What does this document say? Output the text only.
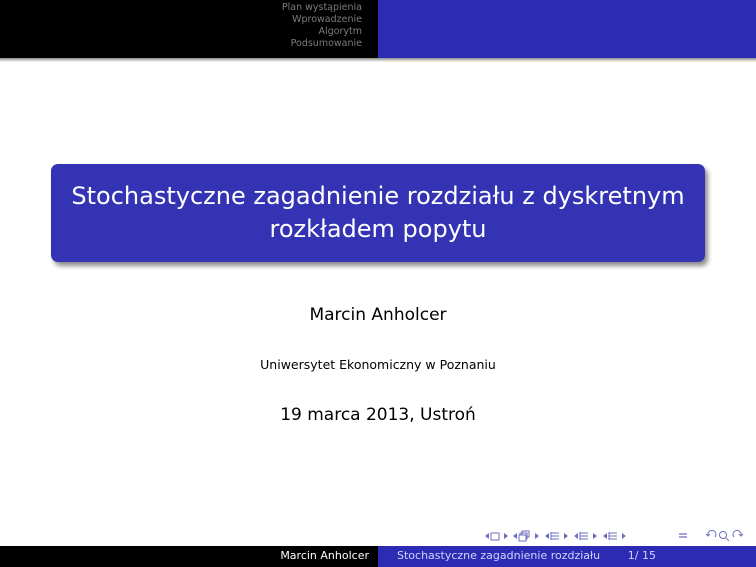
Plan wystąpienia
Wprowadzenie
Algorytm
Podsumowanie
Stochastyczne zagadnienie rozdziału z dyskretnym rozkładem popytu
Marcin Anholcer
Uniwersytet Ekonomiczny w Poznaniu
19 marca 2013, Ustroń
Marcin Anholcer	Stochastyczne zagadnienie rozdziału	1/ 15
